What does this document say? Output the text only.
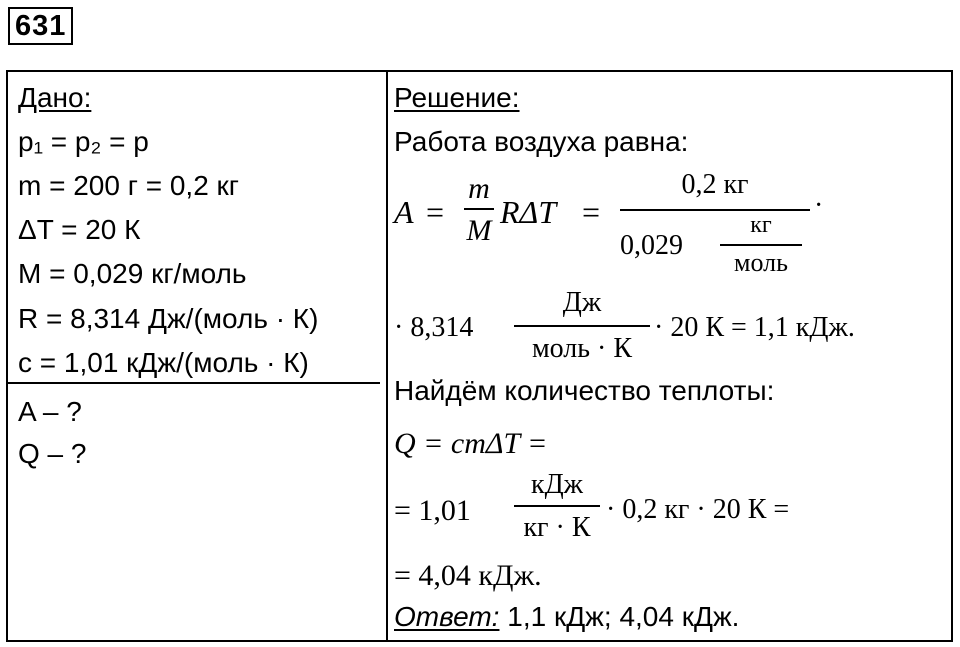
631
Дано:
p₁ = p₂ = p
m = 200 г = 0,2 кг
ΔT = 20 К
M = 0,029 кг/моль
R = 8,314 Дж/(моль · К)
c = 1,01 кДж/(моль · К)
A – ?
Q – ?
Решение:
Работа воздуха равна:
A =
m
M
RΔT =
0,2 кг
0,029
кг
моль
·
· 8,314
Дж
моль · К
· 20 К = 1,1 кДж.
Найдём количество теплоты:
Q = cmΔT =
= 1,01
кДж
кг · К
· 0,2 кг · 20 К =
= 4,04 кДж.
Ответ: 1,1 кДж; 4,04 кДж.
